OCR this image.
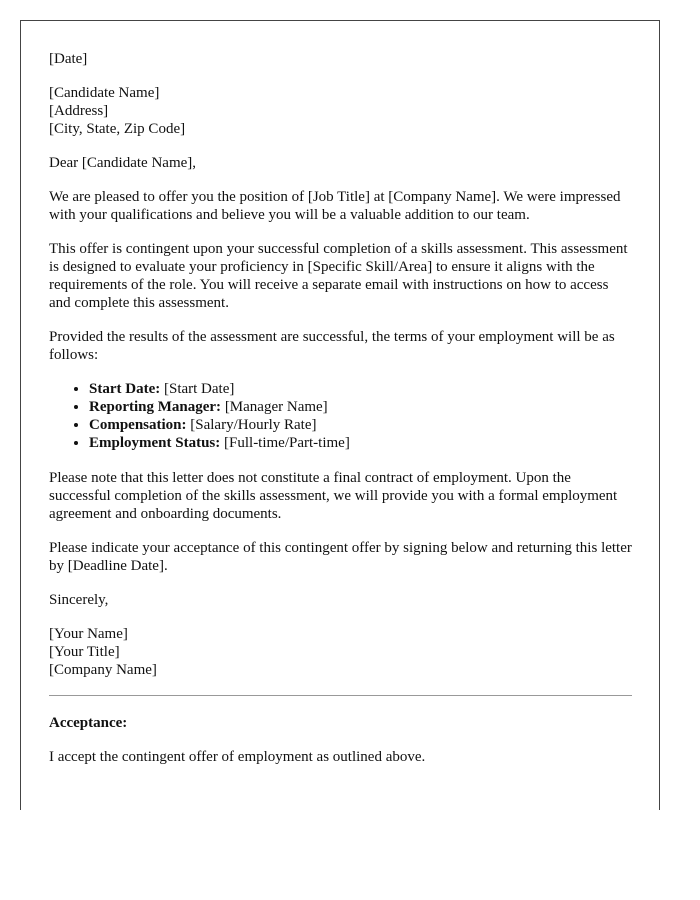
[Date]
[Candidate Name]
[Address]
[City, State, Zip Code]
Dear [Candidate Name],
We are pleased to offer you the position of [Job Title] at [Company Name]. We were impressed with your qualifications and believe you will be a valuable addition to our team.
This offer is contingent upon your successful completion of a skills assessment. This assessment is designed to evaluate your proficiency in [Specific Skill/Area] to ensure it aligns with the requirements of the role. You will receive a separate email with instructions on how to access and complete this assessment.
Provided the results of the assessment are successful, the terms of your employment will be as follows:
• Start Date: [Start Date]
• Reporting Manager: [Manager Name]
• Compensation: [Salary/Hourly Rate]
• Employment Status: [Full-time/Part-time]
Please note that this letter does not constitute a final contract of employment. Upon the successful completion of the skills assessment, we will provide you with a formal employment agreement and onboarding documents.
Please indicate your acceptance of this contingent offer by signing below and returning this letter by [Deadline Date].
Sincerely,
[Your Name]
[Your Title]
[Company Name]
Acceptance:
I accept the contingent offer of employment as outlined above.
